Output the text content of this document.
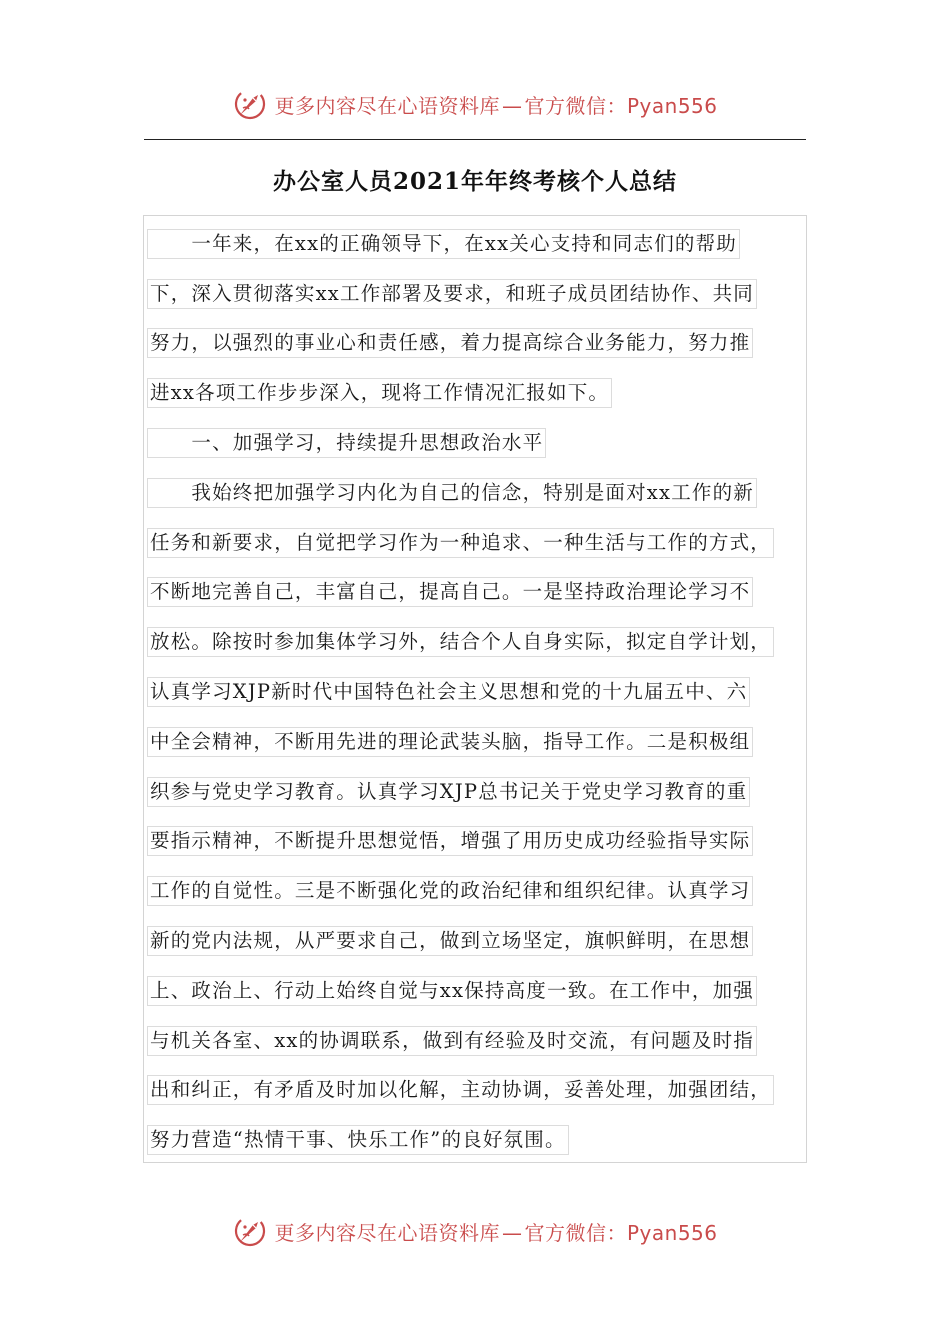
更多内容尽在心语资料库 — 官方微信：Pyan556
办公室人员2021年年终考核个人总结
　　一年来，在xx的正确领导下，在xx关心支持和同志们的帮助
下，深入贯彻落实xx工作部署及要求，和班子成员团结协作、共同
努力，以强烈的事业心和责任感，着力提高综合业务能力，努力推
进xx各项工作步步深入，现将工作情况汇报如下。
　　一、加强学习，持续提升思想政治水平
　　我始终把加强学习内化为自己的信念，特别是面对xx工作的新
任务和新要求，自觉把学习作为一种追求、一种生活与工作的方式，
不断地完善自己，丰富自己，提高自己。一是坚持政治理论学习不
放松。除按时参加集体学习外，结合个人自身实际，拟定自学计划，
认真学习XJP新时代中国特色社会主义思想和党的十九届五中、六
中全会精神，不断用先进的理论武装头脑，指导工作。二是积极组
织参与党史学习教育。认真学习XJP总书记关于党史学习教育的重
要指示精神，不断提升思想觉悟，增强了用历史成功经验指导实际
工作的自觉性。三是不断强化党的政治纪律和组织纪律。认真学习
新的党内法规，从严要求自己，做到立场坚定，旗帜鲜明，在思想
上、政治上、行动上始终自觉与xx保持高度一致。在工作中，加强
与机关各室、xx的协调联系，做到有经验及时交流，有问题及时指
出和纠正，有矛盾及时加以化解，主动协调，妥善处理，加强团结，
努力营造“热情干事、快乐工作”的良好氛围。
更多内容尽在心语资料库 — 官方微信：Pyan556
